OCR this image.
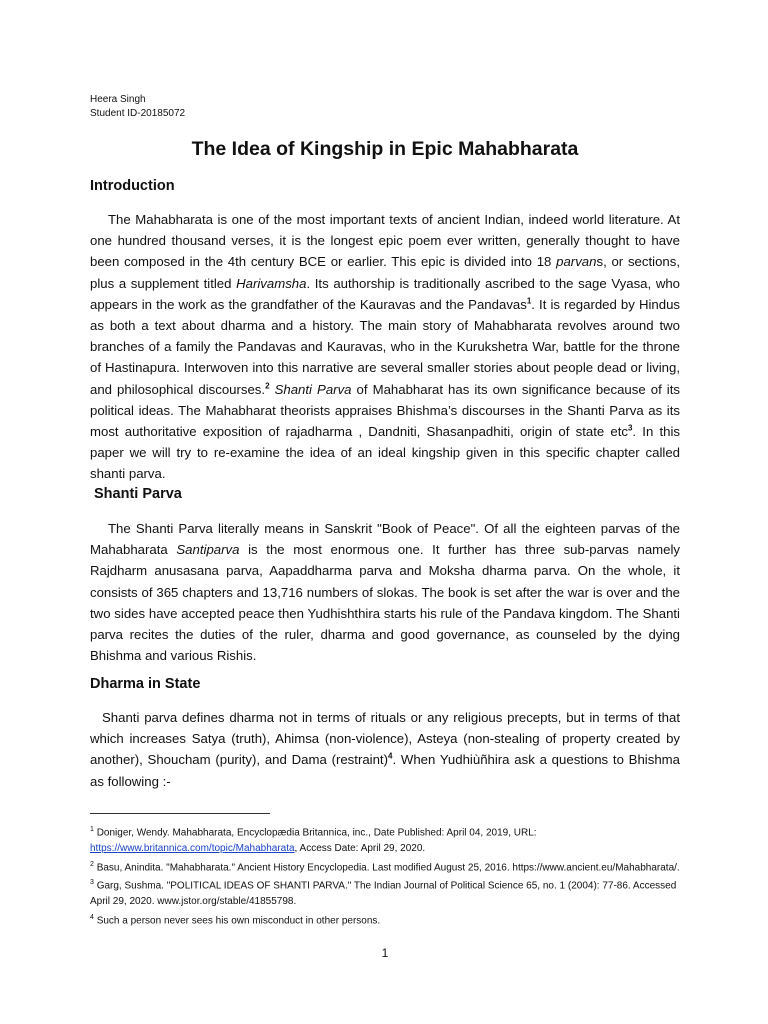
Heera Singh
Student ID-20185072
The Idea of Kingship in Epic Mahabharata
Introduction

The Mahabharata is one of the most important texts of ancient Indian, indeed world literature. At one hundred thousand verses, it is the longest epic poem ever written, generally thought to have been composed in the 4th century BCE or earlier. This epic is divided into 18 parvans, or sections, plus a supplement titled Harivamsha. Its authorship is traditionally ascribed to the sage Vyasa, who appears in the work as the grandfather of the Kauravas and the Pandavas$^1$. It is regarded by Hindus as both a text about dharma and a history. The main story of Mahabharata revolves around two branches of a family the Pandavas and Kauravas, who in the Kurukshetra War, battle for the throne of Hastinapura. Interwoven into this narrative are several smaller stories about people dead or living, and philosophical discourses.$^2$ Shanti Parva of Mahabharat has its own significance because of its political ideas. The Mahabharat theorists appraises Bhishma’s discourses in the Shanti Parva as its most authoritative exposition of rajadharma , Dandniti, Shasanpadhiti, origin of state etc$^3$. In this paper we will try to re-examine the idea of an ideal kingship given in this specific chapter called shanti parva.

Shanti Parva

The Shanti Parva literally means in Sanskrit "Book of Peace". Of all the eighteen parvas of the Mahabharata Santiparva is the most enormous one. It further has three sub-parvas namely Rajdharm anusasana parva, Aapaddharma parva and Moksha dharma parva. On the whole, it consists of 365 chapters and 13,716 numbers of slokas. The book is set after the war is over and the two sides have accepted peace then Yudhishthira starts his rule of the Pandava kingdom. The Shanti parva recites the duties of the ruler, dharma and good governance, as counseled by the dying Bhishma and various Rishis.

Dharma in State

Shanti parva defines dharma not in terms of rituals or any religious precepts, but in terms of that which increases Satya (truth), Ahimsa (non-violence), Asteya (non-stealing of property created by another), Shoucham (purity), and Dama (restraint)$^4$. When Yudhiùñhira ask a questions to Bhishma as following :-

$^1$ Doniger, Wendy. Mahabharata, Encyclopædia Britannica, inc., Date Published: April 04, 2019, URL: https://www.britannica.com/topic/Mahabharata, Access Date: April 29, 2020.

$^2$ Basu, Anindita. "Mahabharata." Ancient History Encyclopedia. Last modified August 25, 2016. https://www.ancient.eu/Mahabharata/.

$^3$ Garg, Sushma. "POLITICAL IDEAS OF SHANTI PARVA." The Indian Journal of Political Science 65, no. 1 (2004): 77-86. Accessed April 29, 2020. www.jstor.org/stable/41855798.

$^4$ Such a person never sees his own misconduct in other persons.

1
